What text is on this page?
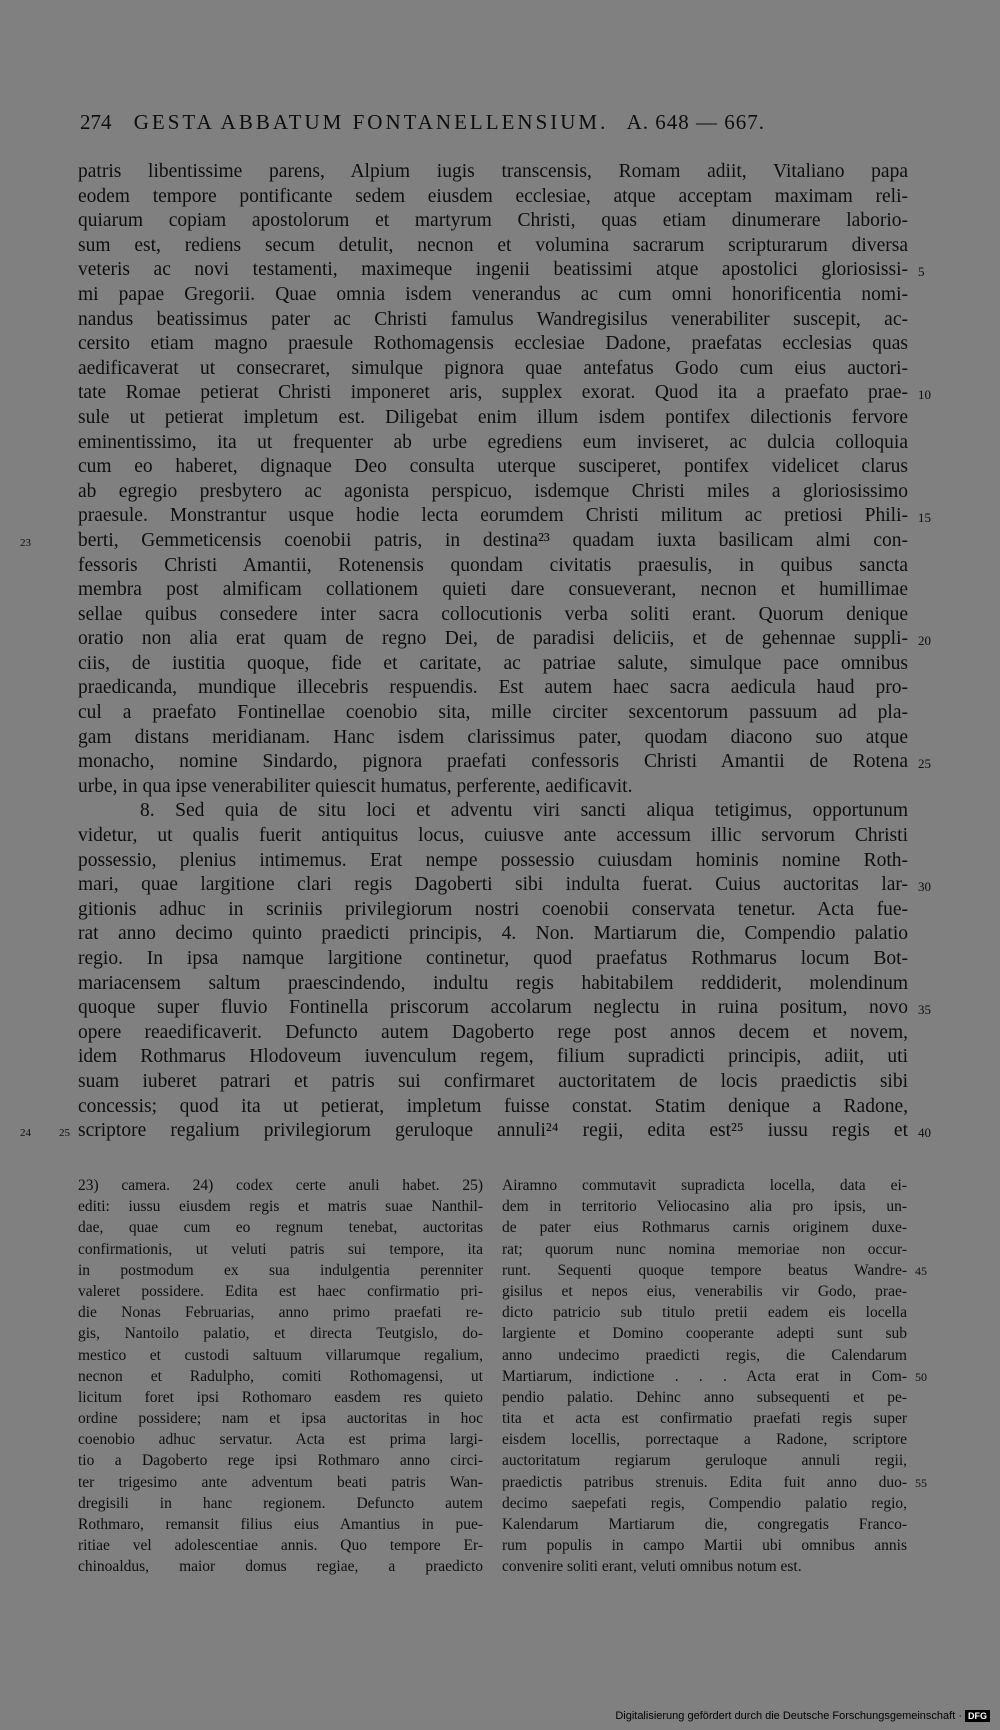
274 GESTA ABBATUM FONTANELLENSIUM. A. 648 — 667.
patris libentissime parens, Alpium iugis transcensis, Romam adiit, Vitaliano papa
eodem tempore pontificante sedem eiusdem ecclesiae, atque acceptam maximam reli-
quiarum copiam apostolorum et martyrum Christi, quas etiam dinumerare laborio-
sum est, rediens secum detulit, necnon et volumina sacrarum scripturarum diversa
veteris ac novi testamenti, maximeque ingenii beatissimi atque apostolici gloriosissi- 5
mi papae Gregorii. Quae omnia isdem venerandus ac cum omni honorificentia nomi-
nandus beatissimus pater ac Christi famulus Wandregisilus venerabiliter suscepit, ac-
cersito etiam magno praesule Rothomagensis ecclesiae Dadone, praefatas ecclesias quas
aedificaverat ut consecraret, simulque pignora quae antefatus Godo cum eius auctori-
tate Romae petierat Christi imponeret aris, supplex exorat. Quod ita a praefato prae- 10
sule ut petierat impletum est. Diligebat enim illum isdem pontifex dilectionis fervore
eminentissimo, ita ut frequenter ab urbe egrediens eum inviseret, ac dulcia colloquia
cum eo haberet, dignaque Deo consulta uterque susciperet, pontifex videlicet clarus
ab egregio presbytero ac agonista perspicuo, isdemque Christi miles a gloriosissimo
praesule. Monstrantur usque hodie lecta eorumdem Christi militum ac pretiosi Phili- 15
berti, Gemmeticensis coenobii patris, in destina²³ quadam iuxta basilicam almi con-
23
fessoris Christi Amantii, Rotenensis quondam civitatis praesulis, in quibus sancta
membra post almificam collationem quieti dare consueverant, necnon et humillimae
sellae quibus consedere inter sacra collocutionis verba soliti erant. Quorum denique
oratio non alia erat quam de regno Dei, de paradisi deliciis, et de gehennae suppli- 20
ciis, de iustitia quoque, fide et caritate, ac patriae salute, simulque pace omnibus
praedicanda, mundique illecebris respuendis. Est autem haec sacra aedicula haud pro-
cul a praefato Fontinellae coenobio sita, mille circiter sexcentorum passuum ad pla-
gam distans meridianam. Hanc isdem clarissimus pater, quodam diacono suo atque
monacho, nomine Sindardo, pignora praefati confessoris Christi Amantii de Rotena 25
urbe, in qua ipse venerabiliter quiescit humatus, perferente, aedificavit.
8. Sed quia de situ loci et adventu viri sancti aliqua tetigimus, opportunum
videtur, ut qualis fuerit antiquitus locus, cuiusve ante accessum illic servorum Christi
possessio, plenius intimemus. Erat nempe possessio cuiusdam hominis nomine Roth-
mari, quae largitione clari regis Dagoberti sibi indulta fuerat. Cuius auctoritas lar- 30
gitionis adhuc in scriniis privilegiorum nostri coenobii conservata tenetur. Acta fue-
rat anno decimo quinto praedicti principis, 4. Non. Martiarum die, Compendio palatio
regio. In ipsa namque largitione continetur, quod praefatus Rothmarus locum Bot-
mariacensem saltum praescindendo, indultu regis habitabilem reddiderit, molendinum
quoque super fluvio Fontinella priscorum accolarum neglectu in ruina positum, novo 35
opere reaedificaverit. Defuncto autem Dagoberto rege post annos decem et novem,
idem Rothmarus Hlodoveum iuvenculum regem, filium supradicti principis, adiit, uti
suam iuberet patrari et patris sui confirmaret auctoritatem de locis praedictis sibi
concessis; quod ita ut petierat, impletum fuisse constat. Statim denique a Radone,
scriptore regalium privilegiorum geruloque annuli²⁴ regii, edita est²⁵ iussu regis et 40
24 25
23) camera. 24) codex certe anuli habet. 25)
editi: iussu eiusdem regis et matris suae Nanthil-
dae, quae cum eo regnum tenebat, auctoritas
confirmationis, ut veluti patris sui tempore, ita
in postmodum ex sua indulgentia perenniter
valeret possidere. Edita est haec confirmatio pri-
die Nonas Februarias, anno primo praefati re-
gis, Nantoilo palatio, et directa Teutgislo, do-
mestico et custodi saltuum villarumque regalium,
necnon et Radulpho, comiti Rothomagensi, ut
licitum foret ipsi Rothomaro easdem res quieto
ordine possidere; nam et ipsa auctoritas in hoc
coenobio adhuc servatur. Acta est prima largi-
tio a Dagoberto rege ipsi Rothmaro anno circi-
ter trigesimo ante adventum beati patris Wan-
dregisili in hanc regionem. Defuncto autem
Rothmaro, remansit filius eius Amantius in pue-
ritiae vel adolescentiae annis. Quo tempore Er-
chinoaldus, maior domus regiae, a praedicto
Airamno commutavit supradicta locella, data ei-
dem in territorio Veliocasino alia pro ipsis, un-
de pater eius Rothmarus carnis originem duxe-
rat; quorum nunc nomina memoriae non occur-
runt. Sequenti quoque tempore beatus Wandre- 45
gisilus et nepos eius, venerabilis vir Godo, prae-
dicto patricio sub titulo pretii eadem eis locella
largiente et Domino cooperante adepti sunt sub
anno undecimo praedicti regis, die Calendarum
Martiarum, indictione . . . Acta erat in Com- 50
pendio palatio. Dehinc anno subsequenti et pe-
tita et acta est confirmatio praefati regis super
eisdem locellis, porrectaque a Radone, scriptore
auctoritatum regiarum geruloque annuli regii,
praedictis patribus strenuis. Edita fuit anno duo- 55
decimo saepefati regis, Compendio palatio regio,
Kalendarum Martiarum die, congregatis Franco-
rum populis in campo Martii ubi omnibus annis
convenire soliti erant, veluti omnibus notum est.
Digitalisierung gefördert durch die Deutsche Forschungsgemeinschaft · DFG
